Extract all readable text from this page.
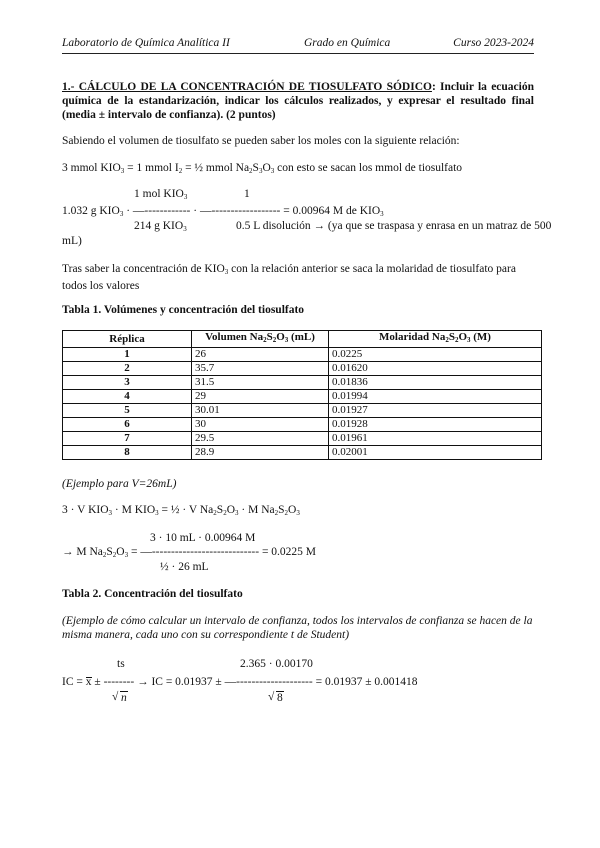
Laboratorio de Química Analítica II	Grado en Química	Curso 2023-2024
1.- CÁLCULO DE LA CONCENTRACIÓN DE TIOSULFATO SÓDICO: Incluir la ecuación química de la estandarización, indicar los cálculos realizados, y expresar el resultado final (media ± intervalo de confianza). (2 puntos)
Sabiendo el volumen de tiosulfato se pueden saber los moles con la siguiente relación:
3 mmol $KIO_3 = 1$ mmol $I_2$ = ½ mmol $Na_2S_3O_3$ con esto se sacan los mmol de tiosulfato
1 mol $KIO_3$	1
1.032 g $KIO_3$ · —------------ · —------------------ = 0.00964 M de $KIO_3$
214 g $KIO_3$	0.5 L disolución → (ya que se traspasa y enrasa en un matraz de 500
mL)
Tras saber la concentración de $KIO_3$ con la relación anterior se saca la molaridad de tiosulfato para todos los valores
Tabla 1. Volúmenes y concentración del tiosulfato
Réplica	Volumen $Na_2S_2O_3$ (mL)	Molaridad $Na_2S_2O_3$ (M)
1	26	0.0225
2	35.7	0.01620
3	31.5	0.01836
4	29	0.01994
5	30.01	0.01927
6	30	0.01928
7	29.5	0.01961
8	28.9	0.02001
(Ejemplo para V=26mL)
3 · V $KIO_3 \cdot M$ $KIO_3$ = ½ · V $Na_2S_2O_3 \cdot M$ $Na_2S_2O_3$
3 · 10 mL · 0.00964 M
→ M $Na_2S_2O_3$ = —---------------------------- = 0.0225 M
½ · 26 mL
Tabla 2. Concentración del tiosulfato
(Ejemplo de cómo calcular un intervalo de confianza, todos los intervalos de confianza se hacen de la misma manera, cada uno con su correspondiente t de Student)
ts	2.365 · 0.00170
IC = x ± -------- → IC = 0.01937 ± —-------------------- = 0.01937 ± 0.001418
√ n	√ 8
